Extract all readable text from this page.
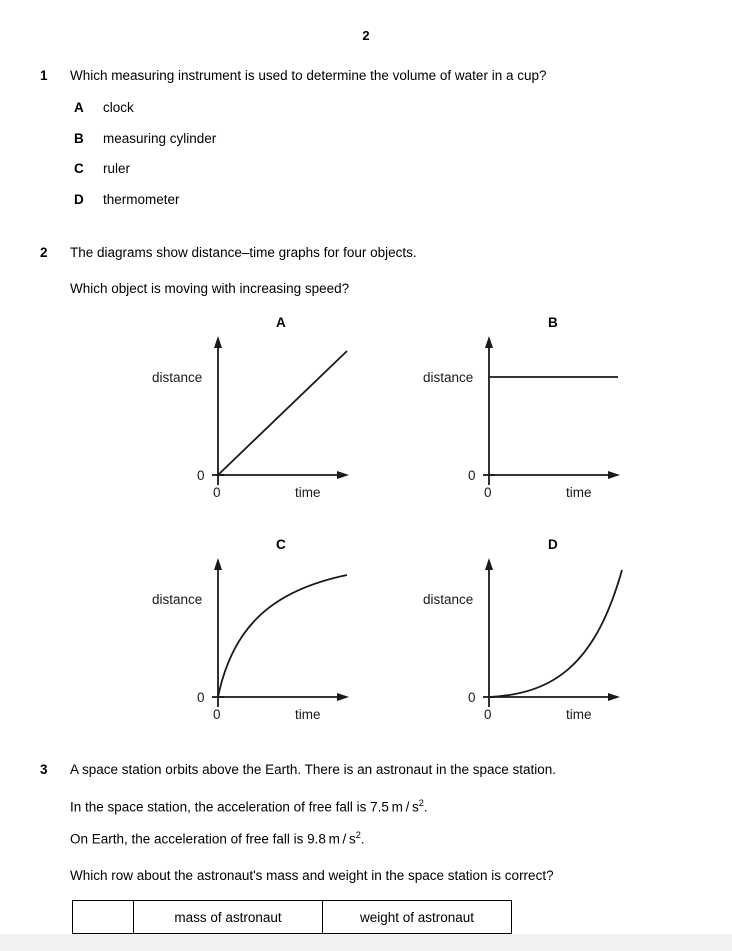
2
1 Which measuring instrument is used to determine the volume of water in a cup?
A clock
B measuring cylinder
C ruler
D thermometer
2 The diagrams show distance–time graphs for four objects.
Which object is moving with increasing speed?
A
distance
0
0	time
B
distance
0
0	time
C
distance
0
0	time
D
distance
0
0	time
3 A space station orbits above the Earth. There is an astronaut in the space station.
In the space station, the acceleration of free fall is 7.5 m / $s^2$.
On Earth, the acceleration of free fall is 9.8 m / $s^2$.
Which row about the astronaut's mass and weight in the space station is correct?
	mass of astronaut	weight of astronaut
